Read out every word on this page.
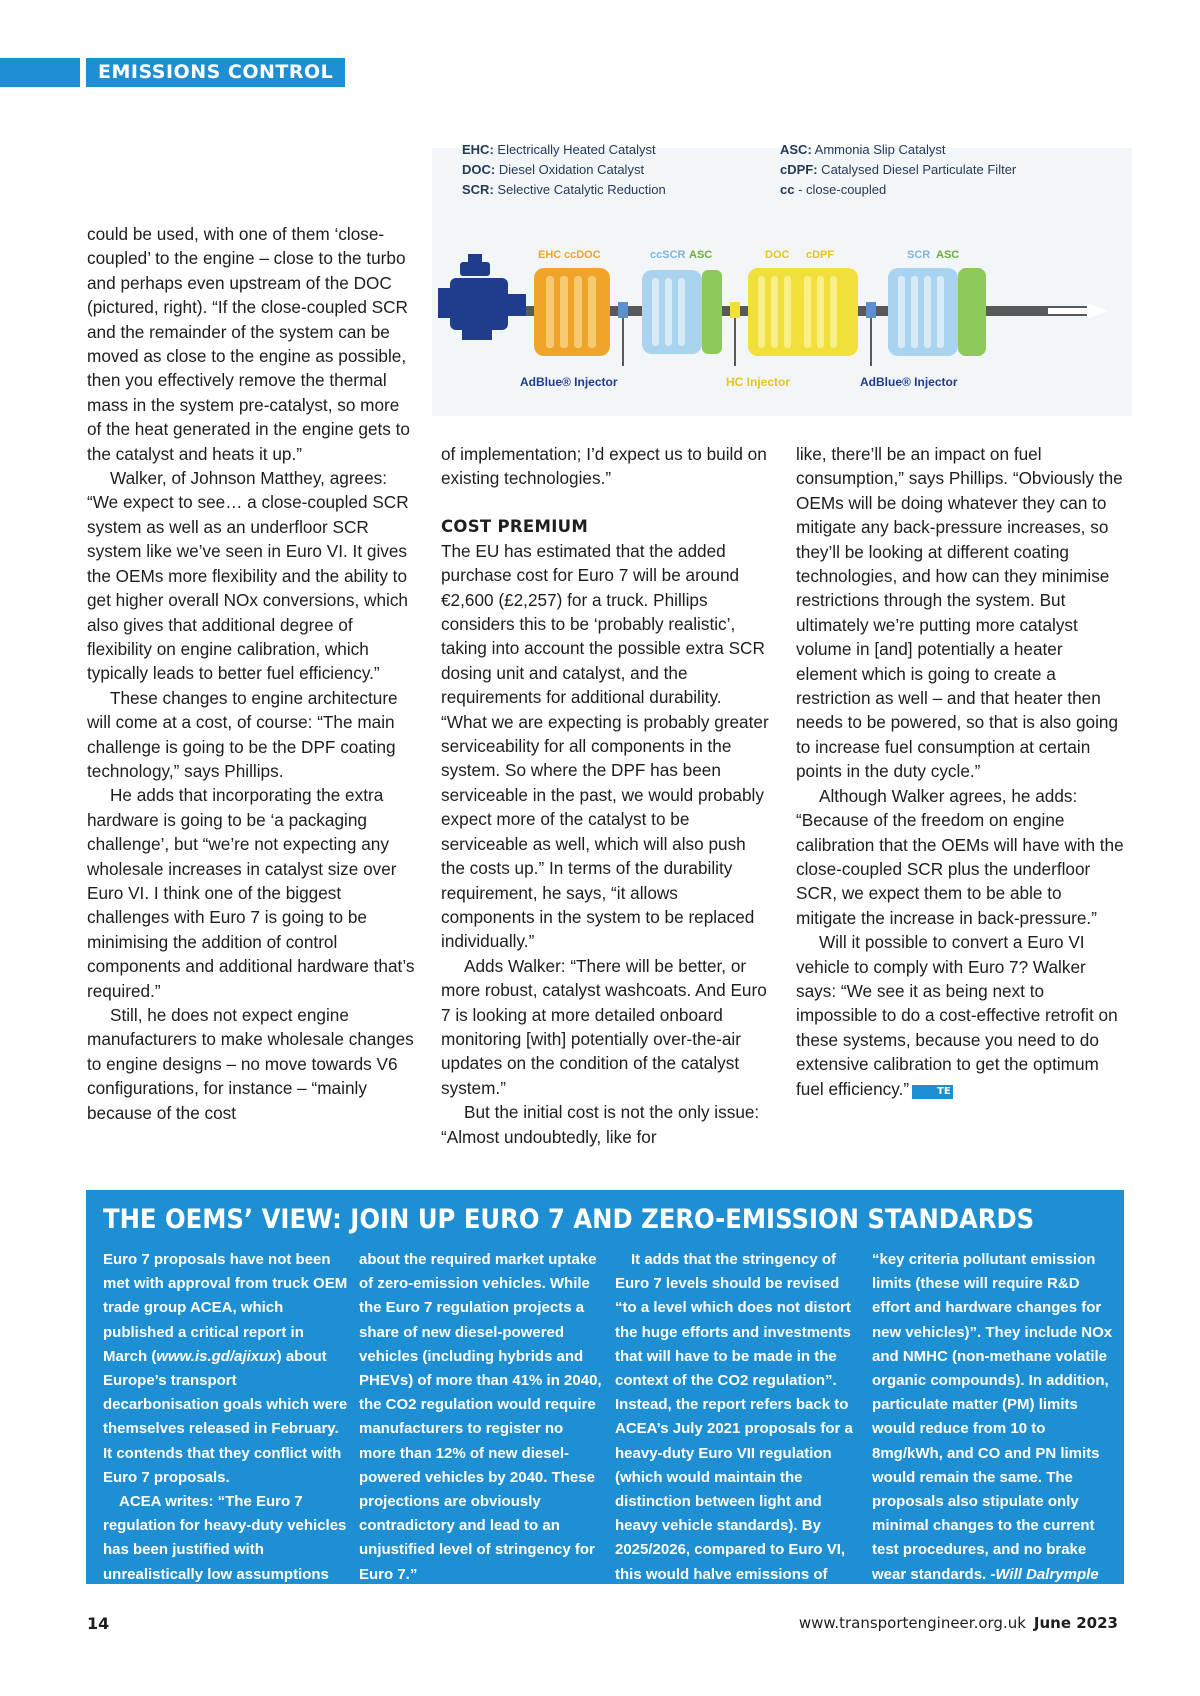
EMISSIONS CONTROL
EHC: Electrically Heated Catalyst
DOC: Diesel Oxidation Catalyst
SCR: Selective Catalytic Reduction
ASC: Ammonia Slip Catalyst
cDPF: Catalysed Diesel Particulate Filter
cc - close-coupled
EHC ccDOC	ccSCR ASC	DOC cDPF	SCR ASC
AdBlue® Injector	HC Injector	AdBlue® Injector

could be used, with one of them ‘close-coupled’ to the engine – close to the turbo and perhaps even upstream of the DOC (pictured, right). “If the close-coupled SCR and the remainder of the system can be moved as close to the engine as possible, then you effectively remove the thermal mass in the system pre-catalyst, so more of the heat generated in the engine gets to the catalyst and heats it up.”

Walker, of Johnson Matthey, agrees: “We expect to see… a close-coupled SCR system as well as an underfloor SCR system like we’ve seen in Euro VI. It gives the OEMs more flexibility and the ability to get higher overall NOx conversions, which also gives that additional degree of flexibility on engine calibration, which typically leads to better fuel efficiency.”

These changes to engine architecture will come at a cost, of course: “The main challenge is going to be the DPF coating technology,” says Phillips.

He adds that incorporating the extra hardware is going to be ‘a packaging challenge’, but “we’re not expecting any wholesale increases in catalyst size over Euro VI. I think one of the biggest challenges with Euro 7 is going to be minimising the addition of control components and additional hardware that’s required.”

Still, he does not expect engine manufacturers to make wholesale changes to engine designs – no move towards V6 configurations, for instance – “mainly because of the cost

of implementation; I’d expect us to build on existing technologies.”

COST PREMIUM

The EU has estimated that the added purchase cost for Euro 7 will be around €2,600 (£2,257) for a truck. Phillips considers this to be ‘probably realistic’, taking into account the possible extra SCR dosing unit and catalyst, and the requirements for additional durability. “What we are expecting is probably greater serviceability for all components in the system. So where the DPF has been serviceable in the past, we would probably expect more of the catalyst to be serviceable as well, which will also push the costs up.” In terms of the durability requirement, he says, “it allows components in the system to be replaced individually.”

Adds Walker: “There will be better, or more robust, catalyst washcoats. And Euro 7 is looking at more detailed onboard monitoring [with] potentially over-the-air updates on the condition of the catalyst system.”

But the initial cost is not the only issue: “Almost undoubtedly, like for

like, there’ll be an impact on fuel consumption,” says Phillips. “Obviously the OEMs will be doing whatever they can to mitigate any back-pressure increases, so they’ll be looking at different coating technologies, and how can they minimise restrictions through the system. But ultimately we’re putting more catalyst volume in [and] potentially a heater element which is going to create a restriction as well – and that heater then needs to be powered, so that is also going to increase fuel consumption at certain points in the duty cycle.”

Although Walker agrees, he adds: “Because of the freedom on engine calibration that the OEMs will have with the close-coupled SCR plus the underfloor SCR, we expect them to be able to mitigate the increase in back-pressure.”

Will it possible to convert a Euro VI vehicle to comply with Euro 7? Walker says: “We see it as being next to impossible to do a cost-effective retrofit on these systems, because you need to do extensive calibration to get the optimum fuel efficiency.”	TE

THE OEMS’ VIEW: JOIN UP EURO 7 AND ZERO-EMISSION STANDARDS

Euro 7 proposals have not been met with approval from truck OEM trade group ACEA, which published a critical report in March (www.is.gd/ajixux) about Europe’s transport decarbonisation goals which were themselves released in February. It contends that they conflict with Euro 7 proposals.

ACEA writes: “The Euro 7 regulation for heavy-duty vehicles has been justified with unrealistically low assumptions

about the required market uptake of zero-emission vehicles. While the Euro 7 regulation projects a share of new diesel-powered vehicles (including hybrids and PHEVs) of more than 41% in 2040, the CO2 regulation would require manufacturers to register no more than 12% of new diesel-powered vehicles by 2040. These projections are obviously contradictory and lead to an unjustified level of stringency for Euro 7.”

It adds that the stringency of Euro 7 levels should be revised “to a level which does not distort the huge efforts and investments that will have to be made in the context of the CO2 regulation”. Instead, the report refers back to ACEA’s July 2021 proposals for a heavy-duty Euro VII regulation (which would maintain the distinction between light and heavy vehicle standards). By 2025/2026, compared to Euro VI, this would halve emissions of

“key criteria pollutant emission limits (these will require R&D effort and hardware changes for new vehicles)”. They include NOx and NMHC (non-methane volatile organic compounds). In addition, particulate matter (PM) limits would reduce from 10 to 8mg/kWh, and CO and PN limits would remain the same. The proposals also stipulate only minimal changes to the current test procedures, and no brake wear standards. -Will Dalrymple

14	www.transportengineer.org.uk June 2023
